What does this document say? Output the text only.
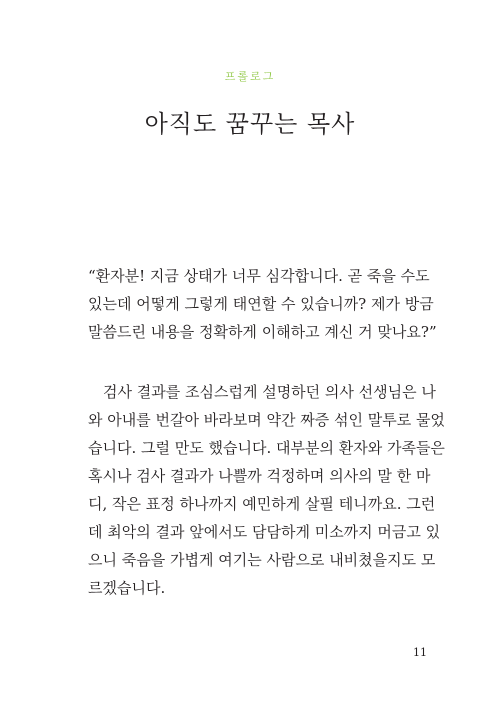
프롤로그
아직도 꿈꾸는 목사
“환자분! 지금 상태가 너무 심각합니다. 곧 죽을 수도
있는데 어떻게 그렇게 태연할 수 있습니까? 제가 방금
말씀드린 내용을 정확하게 이해하고 계신 거 맞나요?”
검사 결과를 조심스럽게 설명하던 의사 선생님은 나
와 아내를 번갈아 바라보며 약간 짜증 섞인 말투로 물었
습니다. 그럴 만도 했습니다. 대부분의 환자와 가족들은
혹시나 검사 결과가 나쁠까 걱정하며 의사의 말 한 마
디, 작은 표정 하나까지 예민하게 살필 테니까요. 그런
데 최악의 결과 앞에서도 담담하게 미소까지 머금고 있
으니 죽음을 가볍게 여기는 사람으로 내비쳤을지도 모
르겠습니다.
11
